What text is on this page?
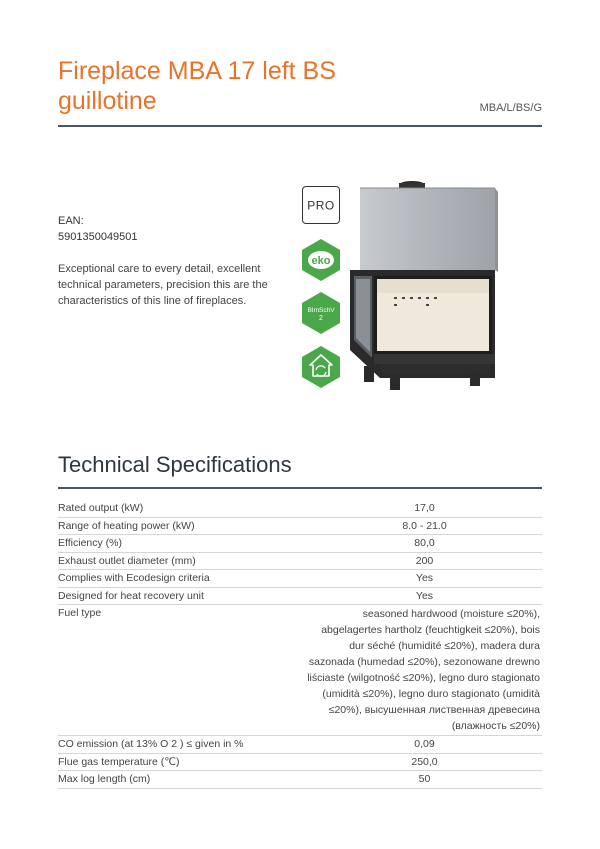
Fireplace MBA 17 left BS guillotine	MBA/L/BS/G
EAN:
5901350049501
Exceptional care to every detail, excellent technical parameters, precision this are the characteristics of this line of fireplaces.
PRO
eko
BImSchV
2
Technical Specifications
Rated output (kW)	17,0
Range of heating power (kW)	8.0 - 21.0
Efficiency (%)	80,0
Exhaust outlet diameter (mm)	200
Complies with Ecodesign criteria	Yes
Designed for heat recovery unit	Yes
Fuel type	seasoned hardwood (moisture ≤20%), abgelagertes hartholz (feuchtigkeit ≤20%), bois dur séché (humidité ≤20%), madera dura sazonada (humedad ≤20%), sezonowane drewno liściaste (wilgotność ≤20%), legno duro stagionato (umidità ≤20%), legno duro stagionato (umidità ≤20%), высушенная лиственная древесина (влажность ≤20%)
CO emission (at 13% O 2 ) ≤ given in %	0,09
Flue gas temperature (℃)	250,0
Max log length (cm)	50
